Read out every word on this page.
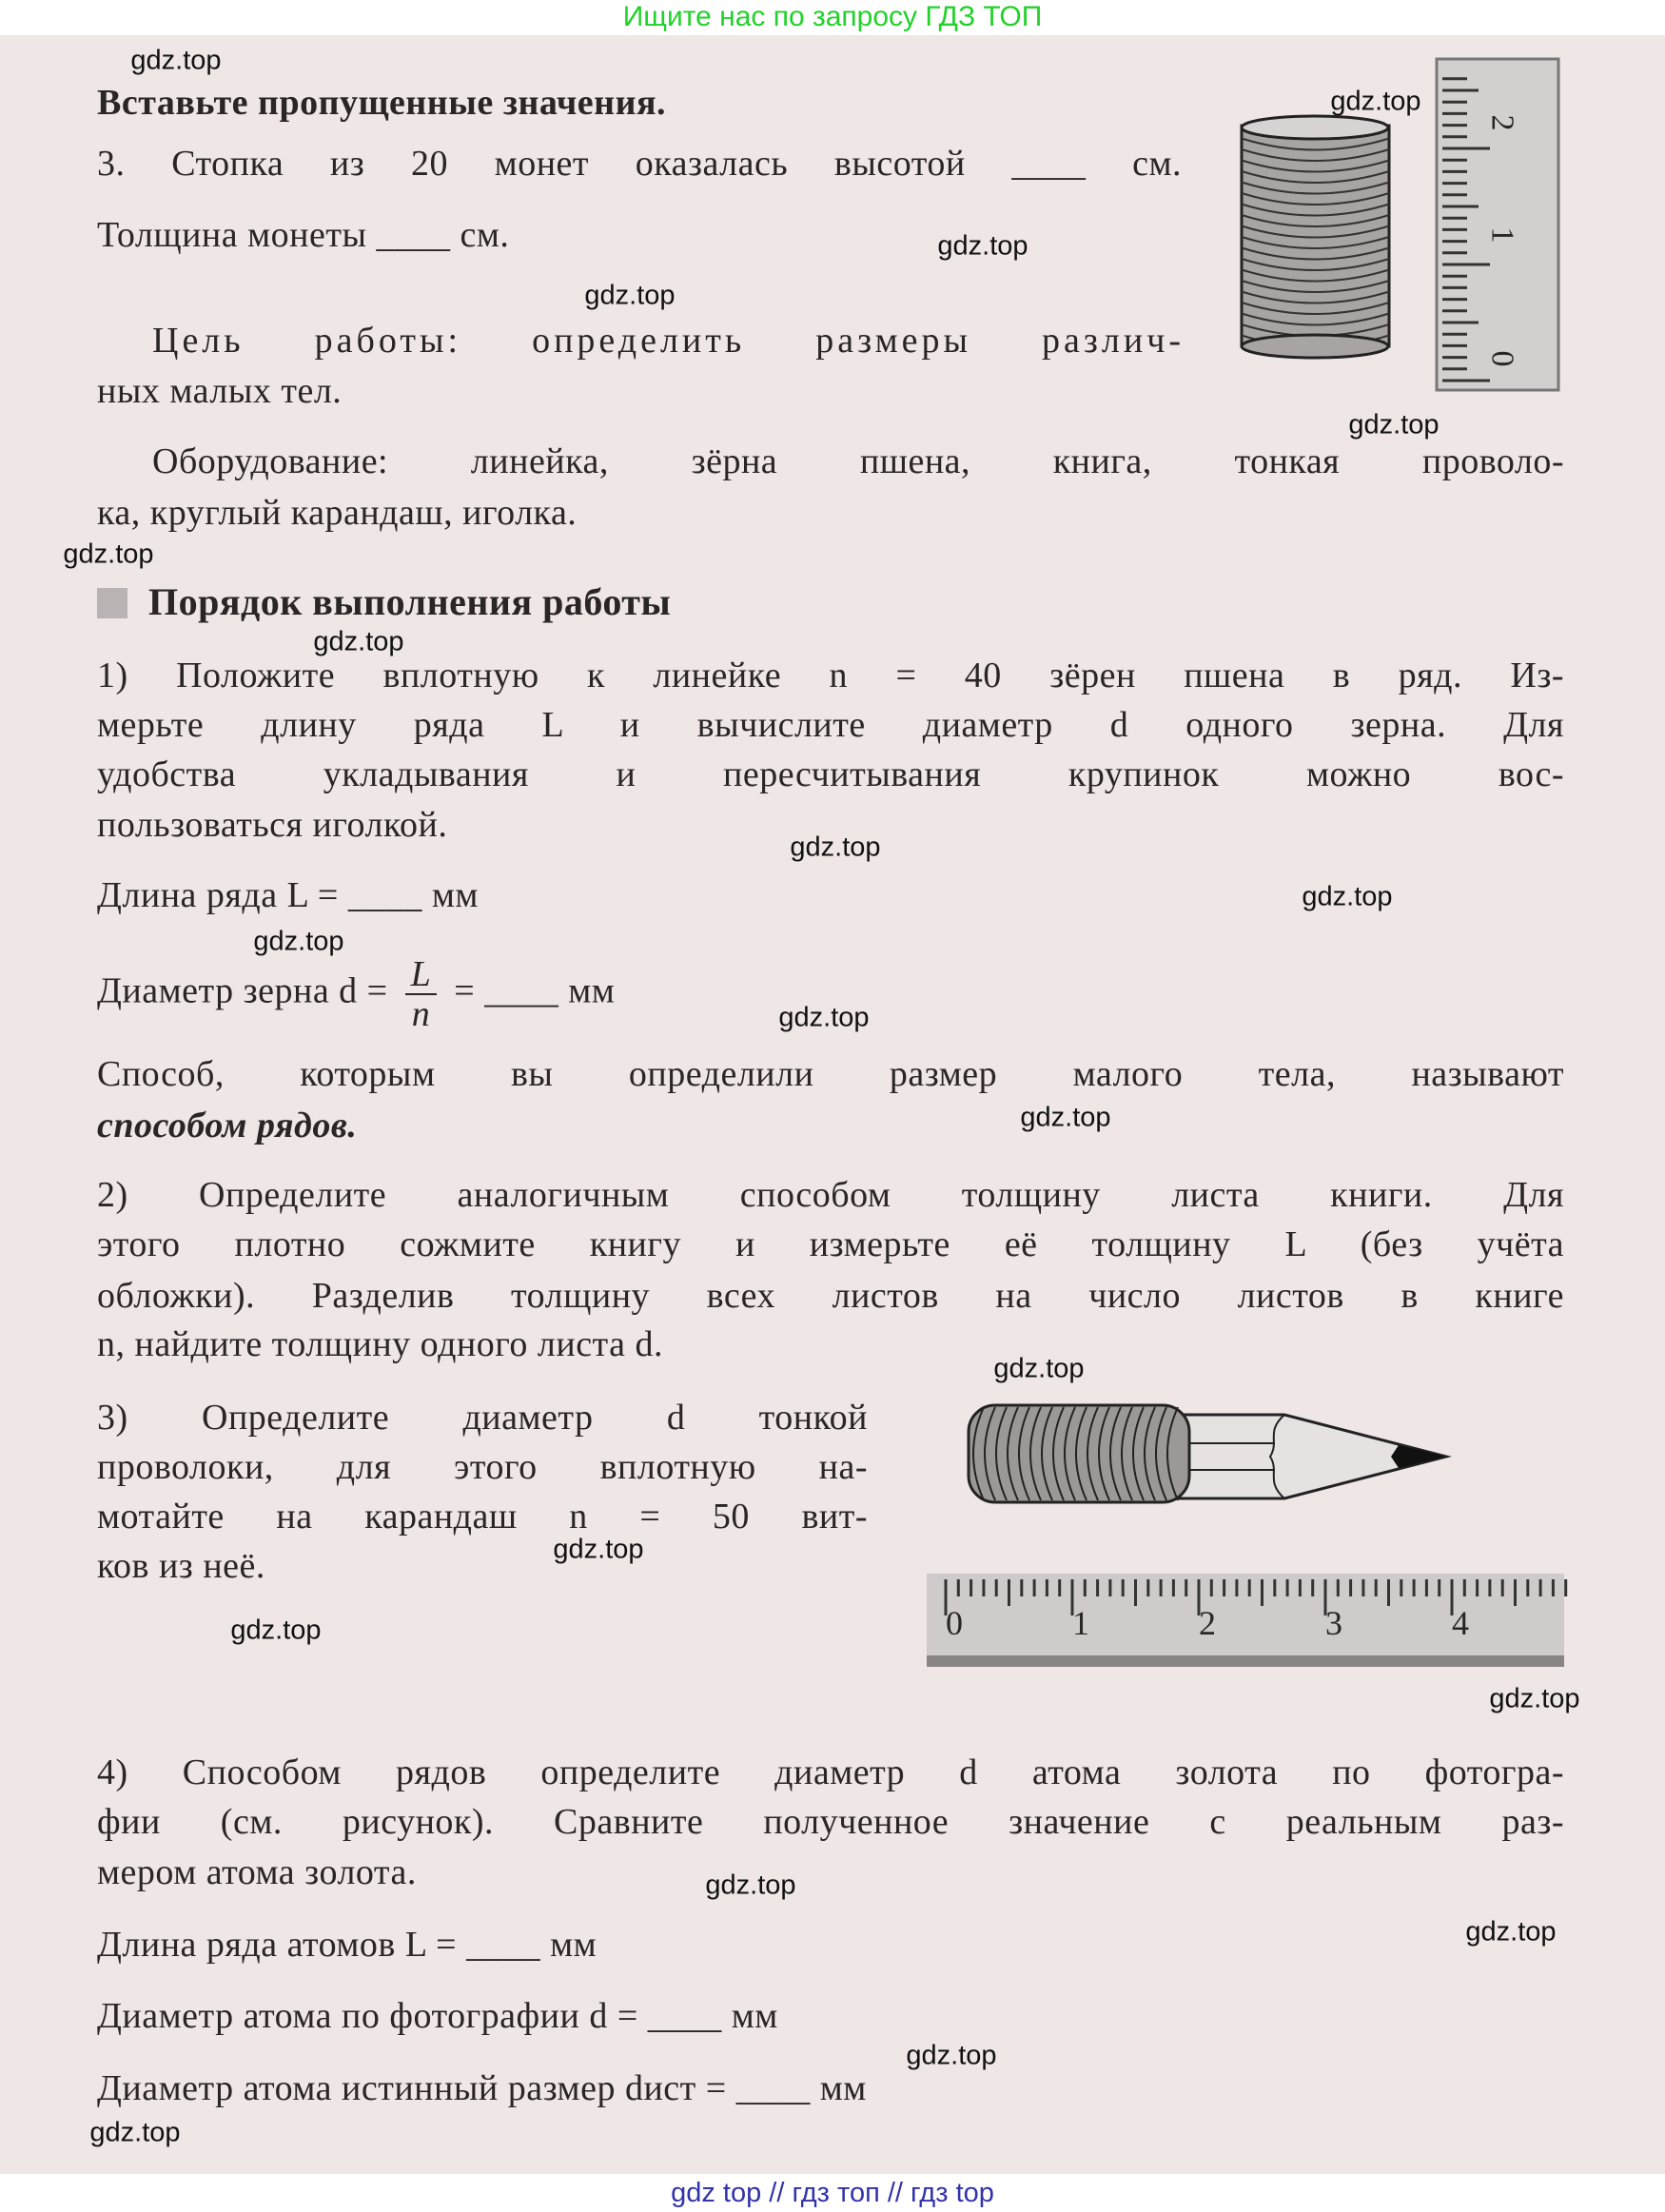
Ищите нас по запросу ГДЗ ТОП
Вставьте пропущенные значения.
3. Стопка из 20 монет оказалась высотой ____ см.
Толщина монеты ____ см.
Цель работы: определить размеры различ-
ных малых тел.
Оборудование: линейка, зёрна пшена, книга, тонкая проволо-
ка, круглый карандаш, иголка.
2
1
0
Порядок выполнения работы
1) Положите вплотную к линейке n = 40 зёрен пшена в ряд. Из-
мерьте длину ряда L и вычислите диаметр d одного зерна. Для
удобства укладывания и пересчитывания крупинок можно вос-
пользоваться иголкой.
Длина ряда L = ____ мм
Диаметр зерна $d = \frac{L}{n}$ = ____ мм
Способ, которым вы определили размер малого тела, называют
способом рядов.
2) Определите аналогичным способом толщину листа книги. Для
этого плотно сожмите книгу и измерьте её толщину L (без учёта
обложки). Разделив толщину всех листов на число листов в книге
n, найдите толщину одного листа d.
3) Определите диаметр d тонкой
проволоки, для этого вплотную на-
мотайте на карандаш n = 50 вит-
ков из неё.
0	1	2	3	4
4) Способом рядов определите диаметр d атома золота по фотогра-
фии (см. рисунок). Сравните полученное значение с реальным раз-
мером атома золота.
Длина ряда атомов L = ____ мм
Диаметр атома по фотографии d = ____ мм
Диаметр атома истинный размер dист = ____ мм
gdz.top
gdz.top
gdz.top
gdz.top
gdz.top
gdz.top
gdz.top
gdz.top
gdz.top
gdz.top
gdz.top
gdz.top
gdz.top
gdz.top
gdz.top
gdz.top
gdz.top
gdz.top
gdz.top
gdz.top
gdz top // гдз топ // гдз top
